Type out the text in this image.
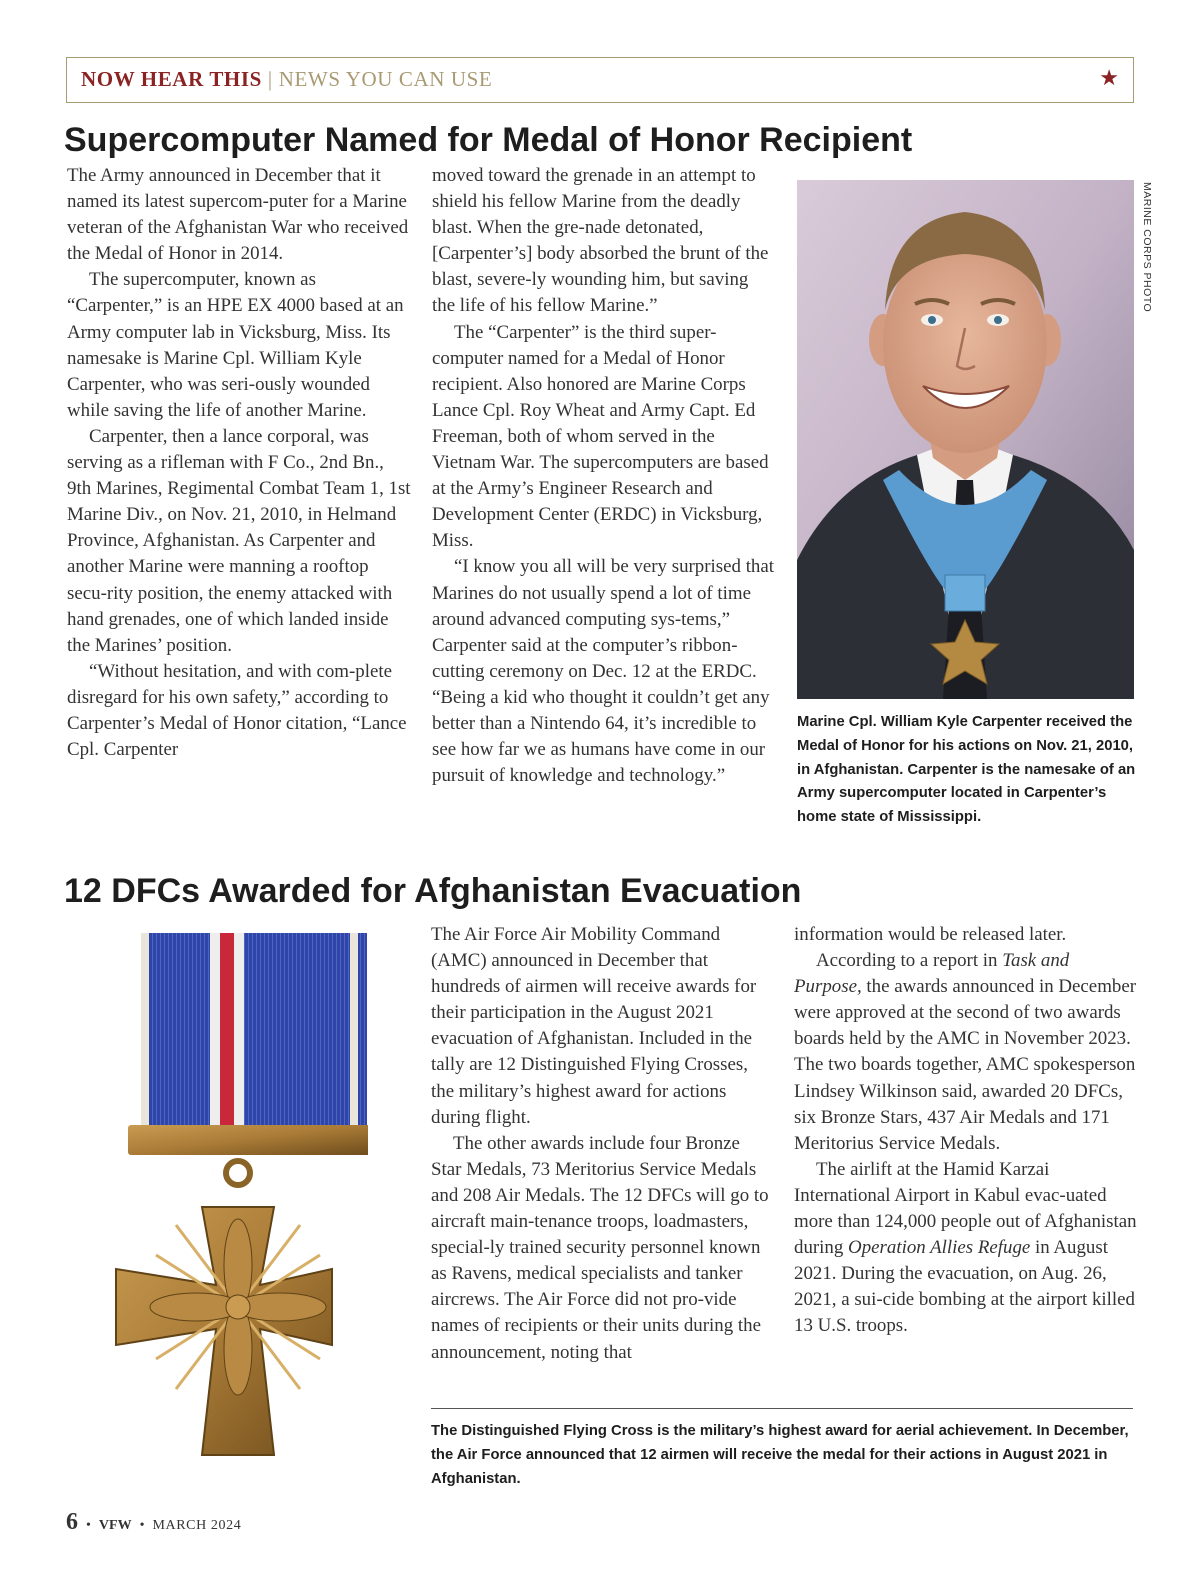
NOW HEAR THIS | NEWS YOU CAN USE	★
Supercomputer Named for Medal of Honor Recipient

The Army announced in December that it named its latest supercom-puter for a Marine veteran of the Afghanistan War who received the Medal of Honor in 2014.

The supercomputer, known as “Carpenter,” is an HPE EX 4000 based at an Army computer lab in Vicksburg, Miss. Its namesake is Marine Cpl. William Kyle Carpenter, who was seri-ously wounded while saving the life of another Marine.

Carpenter, then a lance corporal, was serving as a rifleman with F Co., 2nd Bn., 9th Marines, Regimental Combat Team 1, 1st Marine Div., on Nov. 21, 2010, in Helmand Province, Afghanistan. As Carpenter and another Marine were manning a rooftop secu-rity position, the enemy attacked with hand grenades, one of which landed inside the Marines’ position.

“Without hesitation, and with com-plete disregard for his own safety,” according to Carpenter’s Medal of Honor citation, “Lance Cpl. Carpenter

moved toward the grenade in an attempt to shield his fellow Marine from the deadly blast. When the gre-nade detonated, [Carpenter’s] body absorbed the brunt of the blast, severe-ly wounding him, but saving the life of his fellow Marine.”

The “Carpenter” is the third super-computer named for a Medal of Honor recipient. Also honored are Marine Corps Lance Cpl. Roy Wheat and Army Capt. Ed Freeman, both of whom served in the Vietnam War. The supercomputers are based at the Army’s Engineer Research and Development Center (ERDC) in Vicksburg, Miss.

“I know you all will be very surprised that Marines do not usually spend a lot of time around advanced computing sys-tems,” Carpenter said at the computer’s ribbon-cutting ceremony on Dec. 12 at the ERDC. “Being a kid who thought it couldn’t get any better than a Nintendo 64, it’s incredible to see how far we as humans have come in our pursuit of knowledge and technology.”

MARINE CORPS PHOTO
Marine Cpl. William Kyle Carpenter received the Medal of Honor for his actions on Nov. 21, 2010, in Afghanistan. Carpenter is the namesake of an Army supercomputer located in Carpenter’s home state of Mississippi.
12 DFCs Awarded for Afghanistan Evacuation

The Air Force Air Mobility Command (AMC) announced in December that hundreds of airmen will receive awards for their participation in the August 2021 evacuation of Afghanistan. Included in the tally are 12 Distinguished Flying Crosses, the military’s highest award for actions during flight.

The other awards include four Bronze Star Medals, 73 Meritorius Service Medals and 208 Air Medals. The 12 DFCs will go to aircraft main-tenance troops, loadmasters, special-ly trained security personnel known as Ravens, medical specialists and tanker aircrews. The Air Force did not pro-vide names of recipients or their units during the announcement, noting that

information would be released later.

According to a report in Task and Purpose, the awards announced in December were approved at the second of two awards boards held by the AMC in November 2023. The two boards together, AMC spokesperson Lindsey Wilkinson said, awarded 20 DFCs, six Bronze Stars, 437 Air Medals and 171 Meritorius Service Medals.

The airlift at the Hamid Karzai International Airport in Kabul evac-uated more than 124,000 people out of Afghanistan during Operation Allies Refuge in August 2021. During the evacuation, on Aug. 26, 2021, a sui-cide bombing at the airport killed 13 U.S. troops.

The Distinguished Flying Cross is the military’s highest award for aerial achievement. In December, the Air Force announced that 12 airmen will receive the medal for their actions in August 2021 in Afghanistan.
6 • VFW • MARCH 2024
